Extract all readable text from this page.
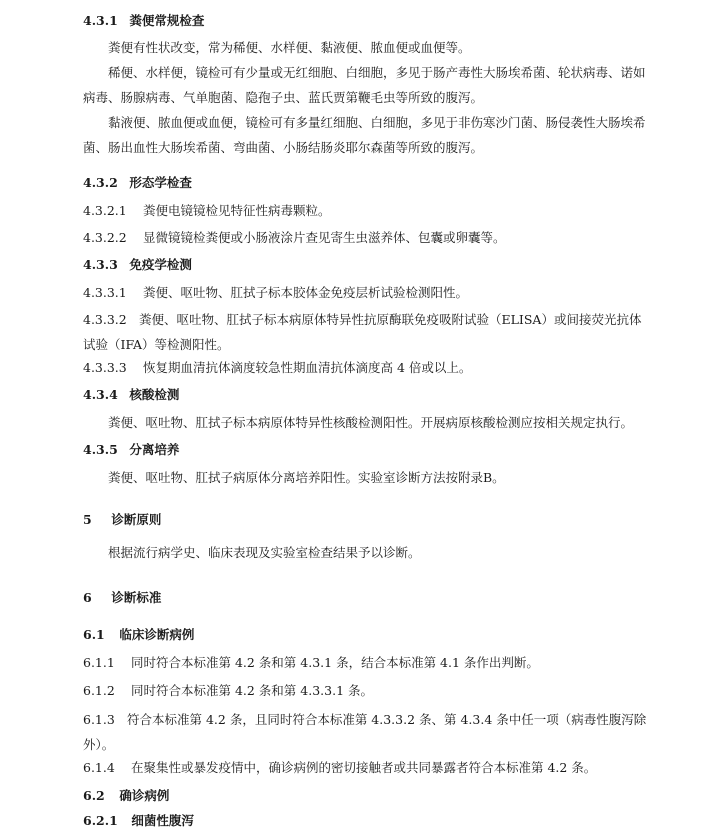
4.3.1 粪便常规检查
粪便有性状改变，常为稀便、水样便、黏液便、脓血便或血便等。
稀便、水样便，镜检可有少量或无红细胞、白细胞，多见于肠产毒性大肠埃希菌、轮状病毒、诺如病毒、肠腺病毒、气单胞菌、隐孢子虫、蓝氏贾第鞭毛虫等所致的腹泻。
黏液便、脓血便或血便，镜检可有多量红细胞、白细胞，多见于非伤寒沙门菌、肠侵袭性大肠埃希菌、肠出血性大肠埃希菌、弯曲菌、小肠结肠炎耶尔森菌等所致的腹泻。
4.3.2 形态学检查
4.3.2.1 粪便电镜镜检见特征性病毒颗粒。
4.3.2.2 显微镜镜检粪便或小肠液涂片查见寄生虫滋养体、包囊或卵囊等。
4.3.3 免疫学检测
4.3.3.1 粪便、呕吐物、肛拭子标本胶体金免疫层析试验检测阳性。
4.3.3.2 粪便、呕吐物、肛拭子标本病原体特异性抗原酶联免疫吸附试验（ELISA）或间接荧光抗体试验（IFA）等检测阳性。
4.3.3.3 恢复期血清抗体滴度较急性期血清抗体滴度高 4 倍或以上。
4.3.4 核酸检测
粪便、呕吐物、肛拭子标本病原体特异性核酸检测阳性。开展病原核酸检测应按相关规定执行。
4.3.5 分离培养
粪便、呕吐物、肛拭子病原体分离培养阳性。实验室诊断方法按附录B。
5 诊断原则
根据流行病学史、临床表现及实验室检查结果予以诊断。
6 诊断标准
6.1 临床诊断病例
6.1.1 同时符合本标准第 4.2 条和第 4.3.1 条，结合本标准第 4.1 条作出判断。
6.1.2 同时符合本标准第 4.2 条和第 4.3.3.1 条。
6.1.3 符合本标准第 4.2 条，且同时符合本标准第 4.3.3.2 条、第 4.3.4 条中任一项（病毒性腹泻除外）。
6.1.4 在聚集性或暴发疫情中，确诊病例的密切接触者或共同暴露者符合本标准第 4.2 条。
6.2 确诊病例
6.2.1 细菌性腹泻
